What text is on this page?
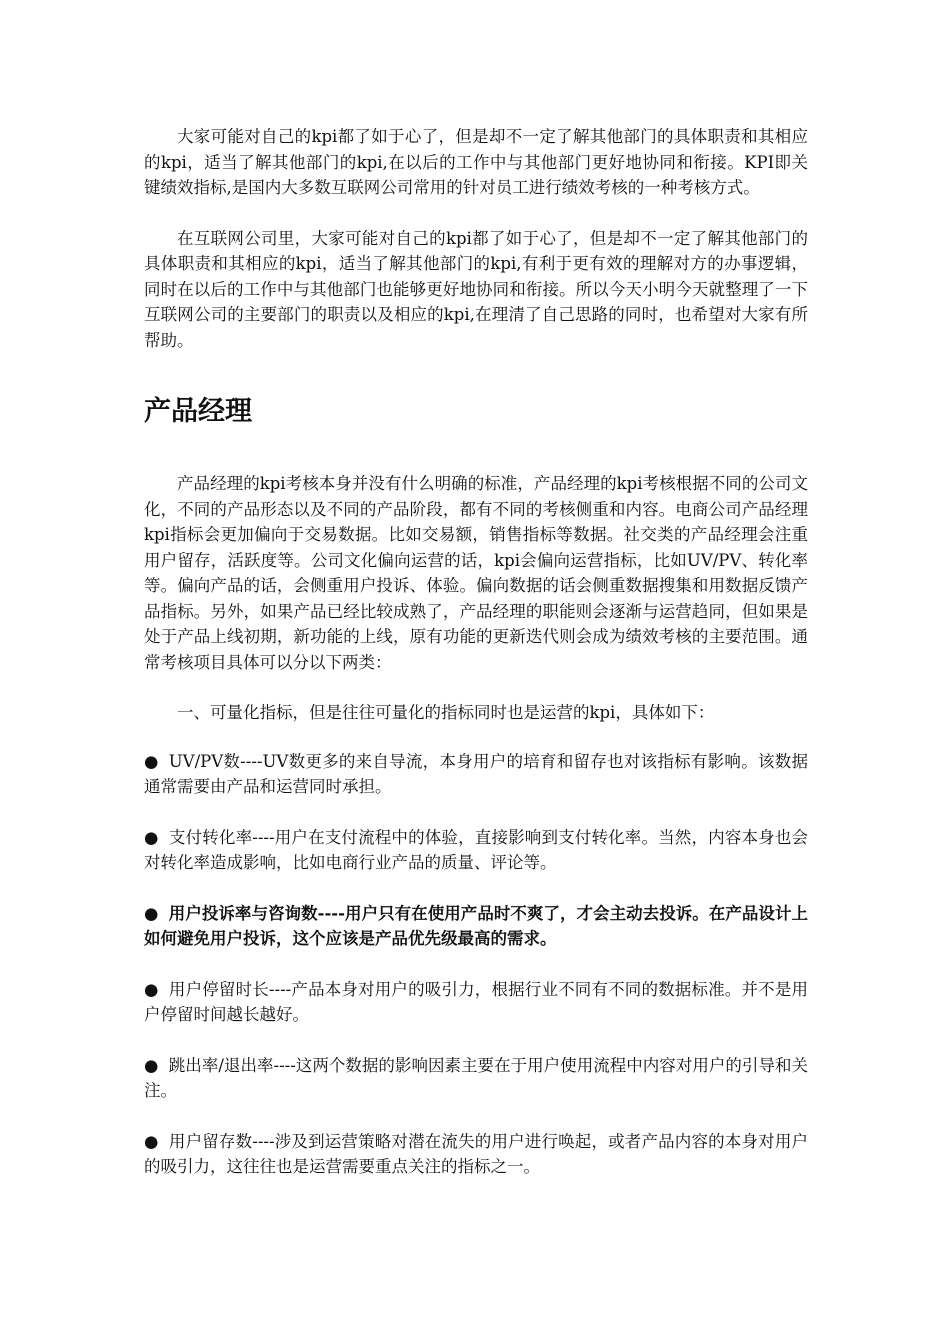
大家可能对自己的kpi都了如于心了，但是却不一定了解其他部门的具体职责和其相应的kpi，适当了解其他部门的kpi,在以后的工作中与其他部门更好地协同和衔接。KPI即关键绩效指标,是国内大多数互联网公司常用的针对员工进行绩效考核的一种考核方式。

在互联网公司里，大家可能对自己的kpi都了如于心了，但是却不一定了解其他部门的具体职责和其相应的kpi，适当了解其他部门的kpi,有利于更有效的理解对方的办事逻辑，同时在以后的工作中与其他部门也能够更好地协同和衔接。所以今天小明今天就整理了一下互联网公司的主要部门的职责以及相应的kpi,在理清了自己思路的同时，也希望对大家有所帮助。

产品经理

产品经理的kpi考核本身并没有什么明确的标准，产品经理的kpi考核根据不同的公司文化，不同的产品形态以及不同的产品阶段，都有不同的考核侧重和内容。电商公司产品经理kpi指标会更加偏向于交易数据。比如交易额，销售指标等数据。社交类的产品经理会注重用户留存，活跃度等。公司文化偏向运营的话，kpi会偏向运营指标，比如UV/PV、转化率等。偏向产品的话，会侧重用户投诉、体验。偏向数据的话会侧重数据搜集和用数据反馈产品指标。另外，如果产品已经比较成熟了，产品经理的职能则会逐渐与运营趋同，但如果是处于产品上线初期，新功能的上线，原有功能的更新迭代则会成为绩效考核的主要范围。通常考核项目具体可以分以下两类：

一、可量化指标，但是往往可量化的指标同时也是运营的kpi，具体如下：

● UV/PV数----UV数更多的来自导流，本身用户的培育和留存也对该指标有影响。该数据通常需要由产品和运营同时承担。

● 支付转化率----用户在支付流程中的体验，直接影响到支付转化率。当然，内容本身也会对转化率造成影响，比如电商行业产品的质量、评论等。

● 用户投诉率与咨询数----用户只有在使用产品时不爽了，才会主动去投诉。在产品设计上如何避免用户投诉，这个应该是产品优先级最高的需求。

● 用户停留时长----产品本身对用户的吸引力，根据行业不同有不同的数据标准。并不是用户停留时间越长越好。

● 跳出率/退出率----这两个数据的影响因素主要在于用户使用流程中内容对用户的引导和关注。

● 用户留存数----涉及到运营策略对潜在流失的用户进行唤起，或者产品内容的本身对用户的吸引力，这往往也是运营需要重点关注的指标之一。
